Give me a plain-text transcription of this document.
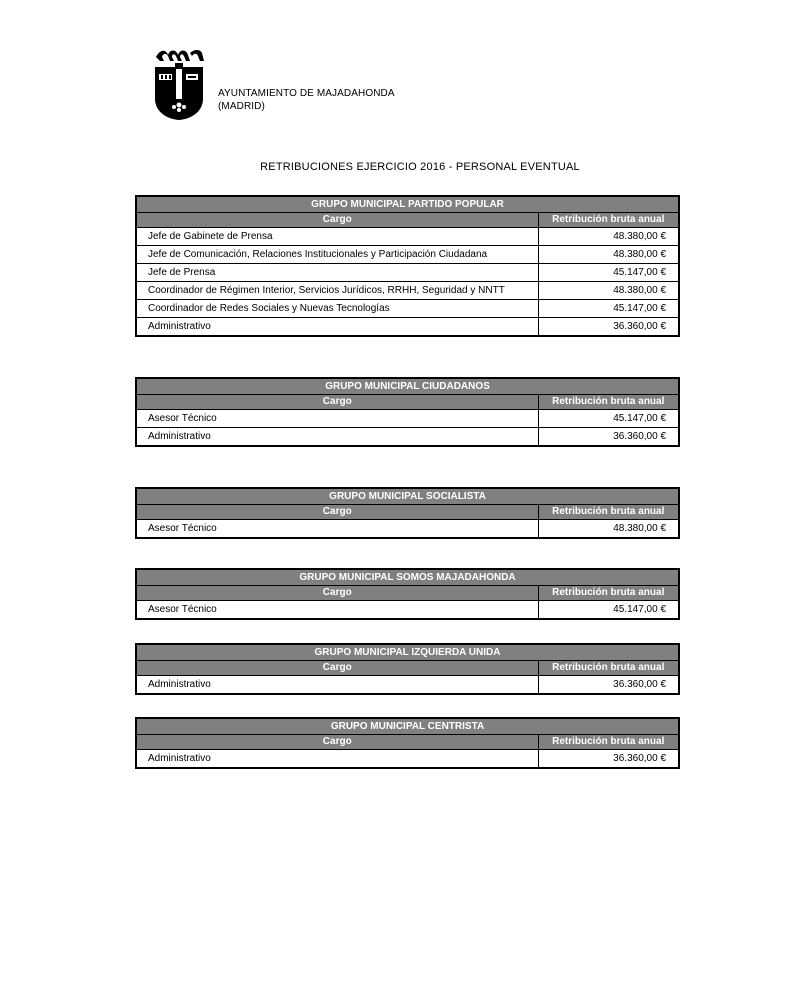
AYUNTAMIENTO DE MAJADAHONDA
(MADRID)
RETRIBUCIONES EJERCICIO 2016 - PERSONAL EVENTUAL
GRUPO MUNICIPAL PARTIDO POPULAR	
Cargo	Retribución bruta anual
Jefe de Gabinete de Prensa	48.380,00 €
Jefe de Comunicación, Relaciones Institucionales y Participación Ciudadana	48.380,00 €
Jefe de Prensa	45.147,00 €
Coordinador de Régimen Interior, Servicios Jurídicos, RRHH, Seguridad y NNTT	48.380,00 €
Coordinador de Redes Sociales y Nuevas Tecnologías	45.147,00 €
Administrativo	36.360,00 €
GRUPO MUNICIPAL CIUDADANOS	
Cargo	Retribución bruta anual
Asesor Técnico	45.147,00 €
Administrativo	36.360,00 €
GRUPO MUNICIPAL SOCIALISTA	
Cargo	Retribución bruta anual
Asesor Técnico	48.380,00 €
GRUPO MUNICIPAL SOMOS MAJADAHONDA	
Cargo	Retribución bruta anual
Asesor Técnico	45.147,00 €
GRUPO MUNICIPAL IZQUIERDA UNIDA	
Cargo	Retribución bruta anual
Administrativo	36.360,00 €
GRUPO MUNICIPAL CENTRISTA	
Cargo	Retribución bruta anual
Administrativo	36.360,00 €
